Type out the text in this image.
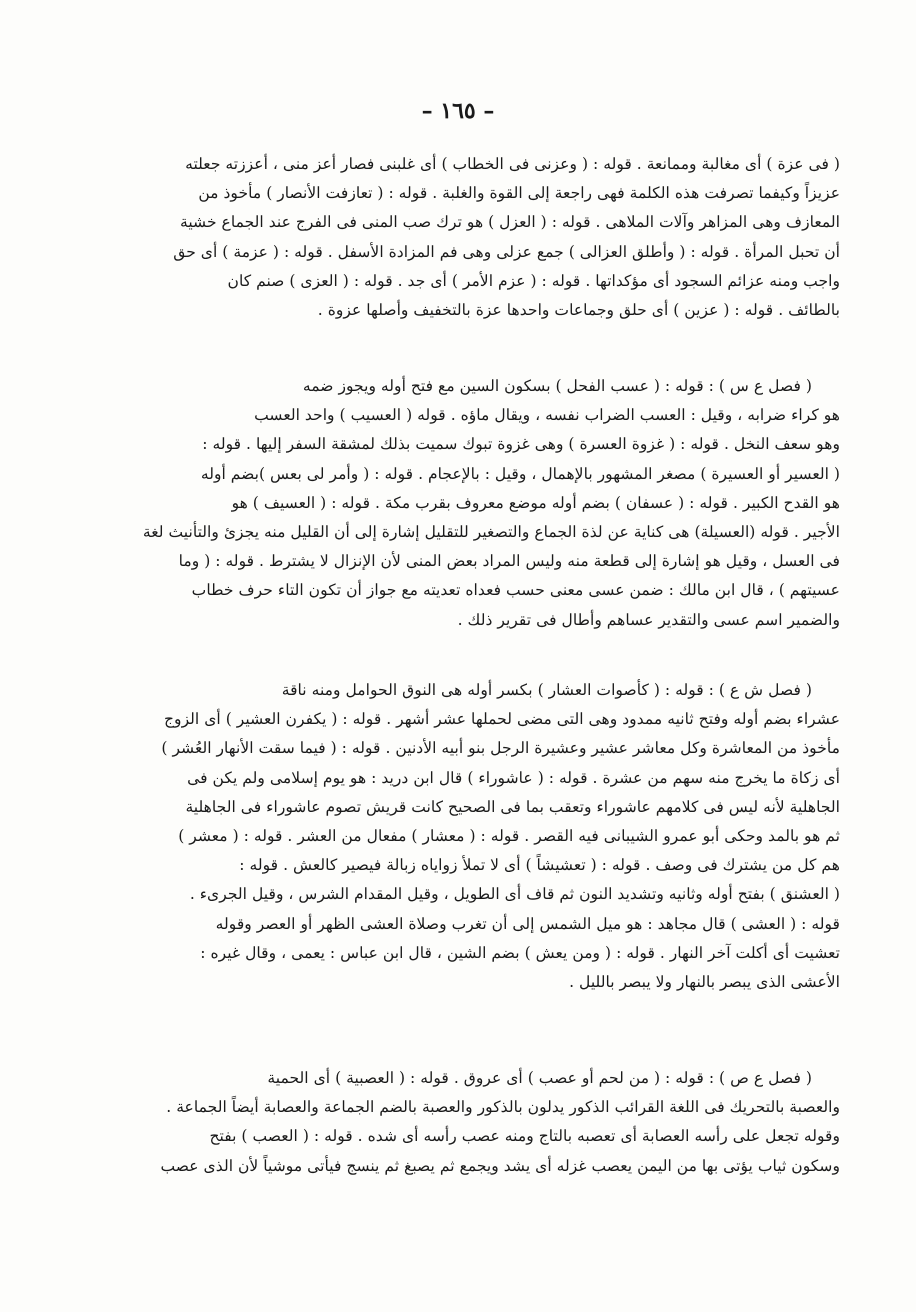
– ١٦٥ –
( فى عزة ) أى مغالبة وممانعة . قوله : ( وعزنى فى الخطاب ) أى غلبنى فصار أعز منى ، أعززته جعلته
عزيزاً وكيفما تصرفت هذه الكلمة فهى راجعة إلى القوة والغلبة . قوله : ( تعازفت الأنصار ) مأخوذ من
المعازف وهى المزاهر وآلات الملاهى . قوله : ( العزل ) هو ترك صب المنى فى الفرج عند الجماع خشية
أن تحبل المرأة . قوله : ( وأطلق العزالى ) جمع عزلى وهى فم المزادة الأسفل . قوله : ( عزمة ) أى حق
واجب ومنه عزائم السجود أى مؤكداتها . قوله : ( عزم الأمر ) أى جد . قوله : ( العزى ) صنم كان
بالطائف . قوله : ( عزين ) أى حلق وجماعات واحدها عزة بالتخفيف وأصلها عزوة .
( فصل ع س ) : قوله : ( عسب الفحل ) بسكون السين مع فتح أوله ويجوز ضمه
هو كراء ضرابه ، وقيل : العسب الضراب نفسه ، ويقال ماؤه . قوله ( العسيب ) واحد العسب
وهو سعف النخل . قوله : ( غزوة العسرة ) وهى غزوة تبوك سميت بذلك لمشقة السفر إليها . قوله :
( العسير أو العسيرة ) مصغر المشهور بالإهمال ، وقيل : بالإعجام . قوله : ( وأمر لى بعس )بضم أوله
هو القدح الكبير . قوله : ( عسفان ) بضم أوله موضع معروف بقرب مكة . قوله : ( العسيف ) هو
الأجير . قوله (العسيلة) هى كناية عن لذة الجماع والتصغير للتقليل إشارة إلى أن القليل منه يجزئ والتأنيث لغة
فى العسل ، وقيل هو إشارة إلى قطعة منه وليس المراد بعض المنى لأن الإنزال لا يشترط . قوله : ( وما
عسيتهم ) ، قال ابن مالك : ضمن عسى معنى حسب فعداه تعديته مع جواز أن تكون التاء حرف خطاب
والضمير اسم عسى والتقدير عساهم وأطال فى تقرير ذلك .
( فصل ش ع ) : قوله : ( كأصوات العشار ) بكسر أوله هى النوق الحوامل ومنه ناقة
عشراء بضم أوله وفتح ثانيه ممدود وهى التى مضى لحملها عشر أشهر . قوله : ( يكفرن العشير ) أى الزوج
مأخوذ من المعاشرة وكل معاشر عشير وعشيرة الرجل بنو أبيه الأدنين . قوله : ( فيما سقت الأنهار العُشر )
أى زكاة ما يخرج منه سهم من عشرة . قوله : ( عاشوراء ) قال ابن دريد : هو يوم إسلامى ولم يكن فى
الجاهلية لأنه ليس فى كلامهم عاشوراء وتعقب بما فى الصحيح كانت قريش تصوم عاشوراء فى الجاهلية
ثم هو بالمد وحكى أبو عمرو الشيبانى فيه القصر . قوله : ( معشار ) مفعال من العشر . قوله : ( معشر )
هم كل من يشترك فى وصف . قوله : ( تعشيشاً ) أى لا تملأ زواياه زبالة فيصير كالعش . قوله :
( العشنق ) بفتح أوله وثانيه وتشديد النون ثم قاف أى الطويل ، وقيل المقدام الشرس ، وقيل الجرىء .
قوله : ( العشى ) قال مجاهد : هو ميل الشمس إلى أن تغرب وصلاة العشى الظهر أو العصر وقوله
تعشيت أى أكلت آخر النهار . قوله : ( ومن يعش ) بضم الشين ، قال ابن عباس : يعمى ، وقال غيره :
الأعشى الذى يبصر بالنهار ولا يبصر بالليل .
( فصل ع ص ) : قوله : ( من لحم أو عصب ) أى عروق . قوله : ( العصبية ) أى الحمية
والعصبة بالتحريك فى اللغة القرائب الذكور يدلون بالذكور والعصبة بالضم الجماعة والعصابة أيضاً الجماعة .
وقوله تجعل على رأسه العصابة أى تعصبه بالتاج ومنه عصب رأسه أى شده . قوله : ( العصب ) بفتح
وسكون ثياب يؤتى بها من اليمن يعصب غزله أى يشد ويجمع ثم يصبغ ثم ينسج فيأتى موشياً لأن الذى عصب
